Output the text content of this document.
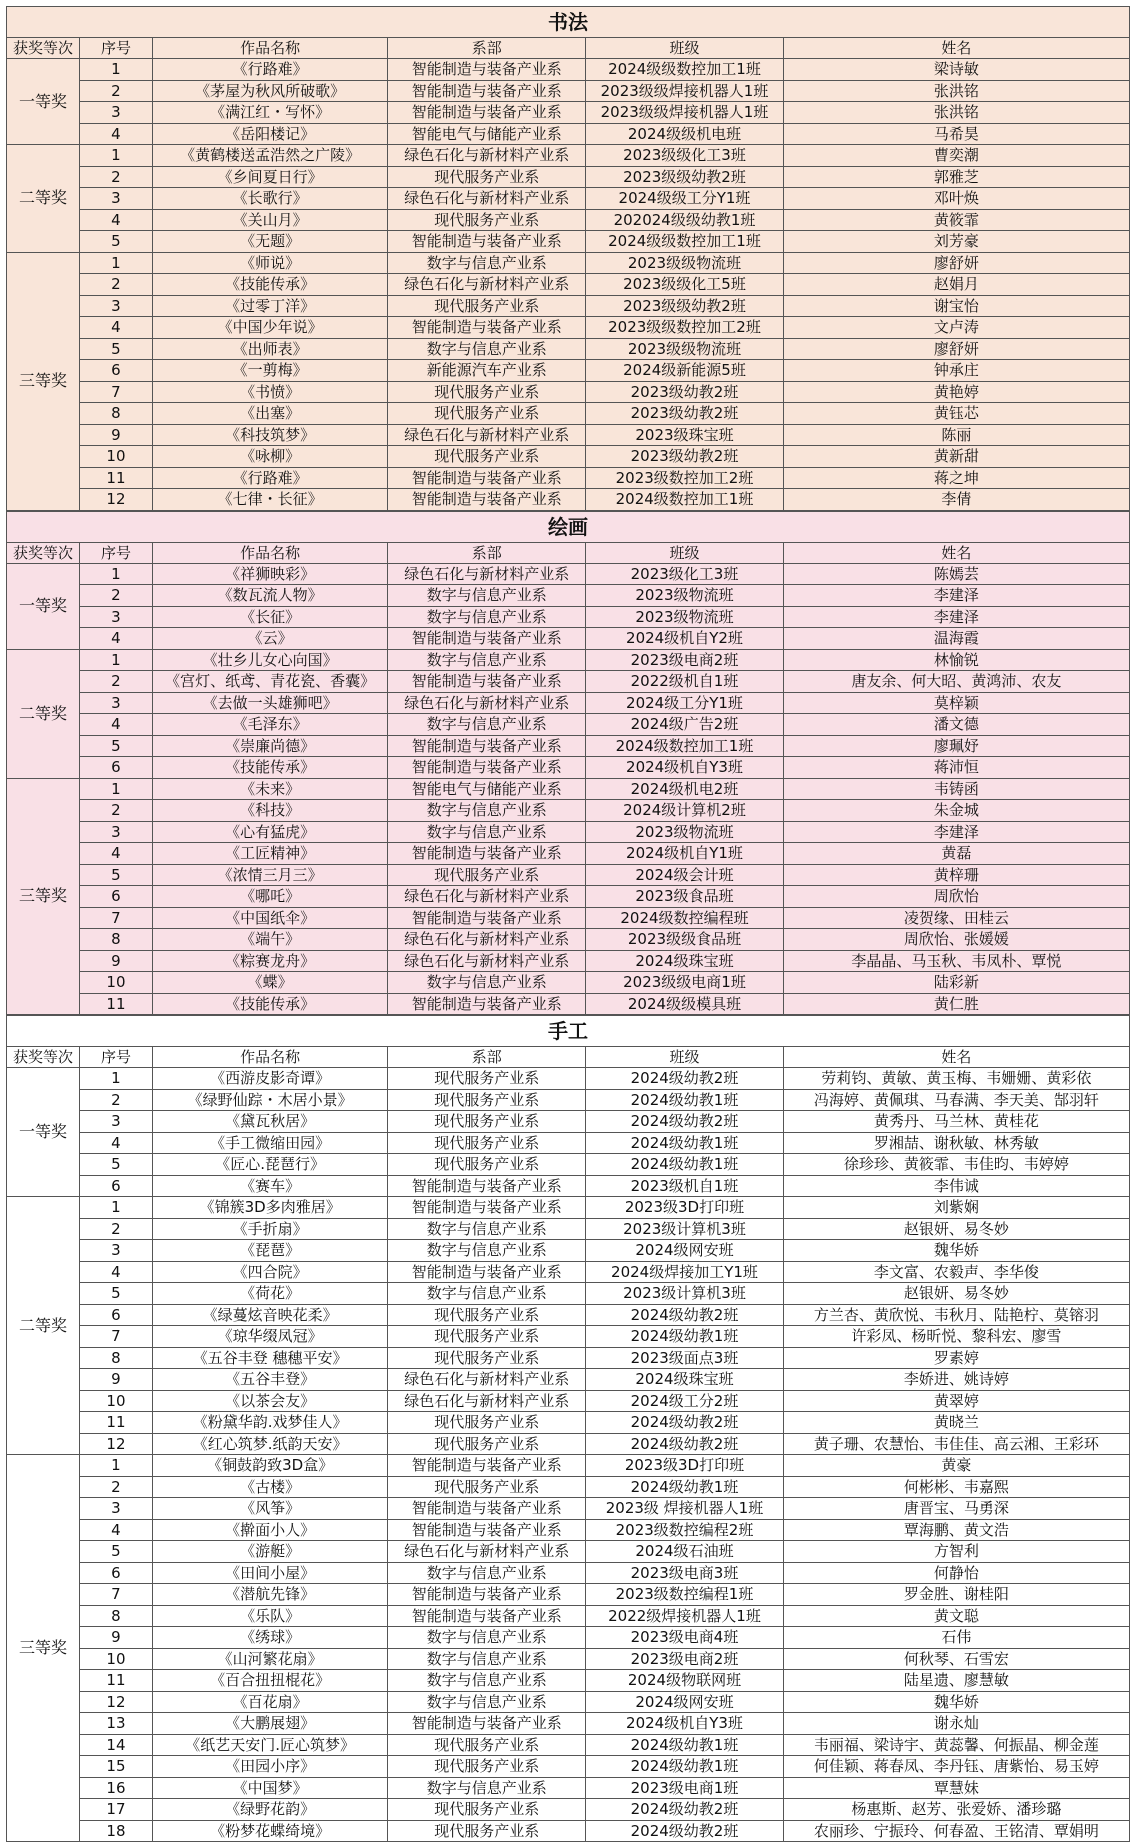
书法
获奖等次	序号	作品名称	系部	班级	姓名
一等奖	1	《行路难》	智能制造与装备产业系	2024级级数控加工1班	梁诗敏
	2	《茅屋为秋风所破歌》	智能制造与装备产业系	2023级级焊接机器人1班	张洪铭
	3	《满江红・写怀》	智能制造与装备产业系	2023级级焊接机器人1班	张洪铭
	4	《岳阳楼记》	智能电气与储能产业系	2024级级机电班	马希昊
二等奖	1	《黄鹤楼送孟浩然之广陵》	绿色石化与新材料产业系	2023级级化工3班	曹奕潮
	2	《乡间夏日行》	现代服务产业系	2023级级幼教2班	郭雅芝
	3	《长歌行》	绿色石化与新材料产业系	2024级级工分Y1班	邓叶焕
	4	《关山月》	现代服务产业系	202024级级幼教1班	黄筱霏
	5	《无题》	智能制造与装备产业系	2024级级数控加工1班	刘芳豪
三等奖	1	《师说》	数字与信息产业系	2023级级物流班	廖舒妍
	2	《技能传承》	绿色石化与新材料产业系	2023级级化工5班	赵娟月
	3	《过零丁洋》	现代服务产业系	2023级级幼教2班	谢宝怡
	4	《中国少年说》	智能制造与装备产业系	2023级级数控加工2班	文卢涛
	5	《出师表》	数字与信息产业系	2023级级物流班	廖舒妍
	6	《一剪梅》	新能源汽车产业系	2024级新能源5班	钟承庄
	7	《书愤》	现代服务产业系	2023级幼教2班	黄艳婷
	8	《出塞》	现代服务产业系	2023级幼教2班	黄钰芯
	9	《科技筑梦》	绿色石化与新材料产业系	2023级珠宝班	陈丽
	10	《咏柳》	现代服务产业系	2023级幼教2班	黄新甜
	11	《行路难》	智能制造与装备产业系	2023级数控加工2班	蒋之坤
	12	《七律・长征》	智能制造与装备产业系	2024级数控加工1班	李倩
绘画
获奖等次	序号	作品名称	系部	班级	姓名
一等奖	1	《祥狮映彩》	绿色石化与新材料产业系	2023级化工3班	陈嫣芸
	2	《数瓦流人物》	数字与信息产业系	2023级物流班	李建泽
	3	《长征》	数字与信息产业系	2023级物流班	李建泽
	4	《云》	智能制造与装备产业系	2024级机自Y2班	温海霞
二等奖	1	《壮乡儿女心向国》	数字与信息产业系	2023级电商2班	林愉锐
	2	《宫灯、纸鸢、青花瓷、香囊》	智能制造与装备产业系	2022级机自1班	唐友余、何大昭、黄鸿沛、农友
	3	《去做一头雄狮吧》	绿色石化与新材料产业系	2024级工分Y1班	莫梓颖
	4	《毛泽东》	数字与信息产业系	2024级广告2班	潘文德
	5	《崇廉尚德》	智能制造与装备产业系	2024级数控加工1班	廖珮妤
	6	《技能传承》	智能制造与装备产业系	2024级机自Y3班	蒋沛恒
三等奖	1	《未来》	智能电气与储能产业系	2024级机电2班	韦铸函
	2	《科技》	数字与信息产业系	2024级计算机2班	朱金城
	3	《心有猛虎》	数字与信息产业系	2023级物流班	李建泽
	4	《工匠精神》	智能制造与装备产业系	2024级机自Y1班	黄磊
	5	《浓情三月三》	现代服务产业系	2024级会计班	黄梓珊
	6	《哪吒》	绿色石化与新材料产业系	2023级食品班	周欣怡
	7	《中国纸伞》	智能制造与装备产业系	2024级数控编程班	凌贺缘、田桂云
	8	《端午》	绿色石化与新材料产业系	2023级级食品班	周欣怡、张媛媛
	9	《粽赛龙舟》	绿色石化与新材料产业系	2024级珠宝班	李晶晶、马玉秋、韦凤朴、覃悦
	10	《蝶》	数字与信息产业系	2023级级电商1班	陆彩新
	11	《技能传承》	智能制造与装备产业系	2024级级模具班	黄仁胜
手工
获奖等次	序号	作品名称	系部	班级	姓名
一等奖	1	《西游皮影奇谭》	现代服务产业系	2024级幼教2班	劳莉钧、黄敏、黄玉梅、韦姗姗、黄彩依
	2	《绿野仙踪・木居小景》	现代服务产业系	2024级幼教1班	冯海婷、黄佩琪、马春满、李天美、郜羽轩
	3	《黛瓦秋居》	现代服务产业系	2024级幼教2班	黄秀丹、马兰林、黄桂花
	4	《手工微缩田园》	现代服务产业系	2024级幼教1班	罗湘喆、谢秋敏、林秀敏
	5	《匠心.琵琶行》	现代服务产业系	2024级幼教1班	徐珍珍、黄筱霏、韦佳昀、韦婷婷
	6	《赛车》	智能制造与装备产业系	2023级机自1班	李伟诚
二等奖	1	《锦簇3D多肉雅居》	智能制造与装备产业系	2023级3D打印班	刘紫娴
	2	《手折扇》	数字与信息产业系	2023级计算机3班	赵银妍、易冬妙
	3	《琵琶》	数字与信息产业系	2024级网安班	魏华娇
	4	《四合院》	智能制造与装备产业系	2024级焊接加工Y1班	李文富、农毅声、李华俊
	5	《荷花》	数字与信息产业系	2023级计算机3班	赵银妍、易冬妙
	6	《绿蔓炫音映花柔》	现代服务产业系	2024级幼教2班	方兰杏、黄欣悦、韦秋月、陆艳柠、莫镕羽
	7	《琼华缀凤冠》	现代服务产业系	2024级幼教1班	许彩凤、杨昕悦、黎科宏、廖雪
	8	《五谷丰登 穗穗平安》	现代服务产业系	2023级面点3班	罗素婷
	9	《五谷丰登》	绿色石化与新材料产业系	2024级珠宝班	李娇进、姚诗婷
	10	《以茶会友》	绿色石化与新材料产业系	2024级工分2班	黄翠婷
	11	《粉黛华韵.戏梦佳人》	现代服务产业系	2024级幼教2班	黄晓兰
	12	《红心筑梦.纸韵天安》	现代服务产业系	2024级幼教2班	黄子珊、农慧怡、韦佳佳、高云湘、王彩环
三等奖	1	《铜鼓韵致3D盒》	智能制造与装备产业系	2023级3D打印班	黄豪
	2	《古楼》	现代服务产业系	2024级幼教1班	何彬彬、韦嘉熙
	3	《风筝》	智能制造与装备产业系	2023级 焊接机器人1班	唐晋宝、马勇深
	4	《擀面小人》	智能制造与装备产业系	2023级数控编程2班	覃海鹏、黄文浩
	5	《游艇》	绿色石化与新材料产业系	2024级石油班	方智利
	6	《田间小屋》	数字与信息产业系	2023级电商3班	何静怡
	7	《潜航先锋》	智能制造与装备产业系	2023级数控编程1班	罗金胜、谢桂阳
	8	《乐队》	智能制造与装备产业系	2022级焊接机器人1班	黄文聪
	9	《绣球》	数字与信息产业系	2023级电商4班	石伟
	10	《山河繁花扇》	数字与信息产业系	2023级电商2班	何秋琴、石雪宏
	11	《百合扭扭棍花》	数字与信息产业系	2024级物联网班	陆星遗、廖慧敏
	12	《百花扇》	数字与信息产业系	2024级网安班	魏华娇
	13	《大鹏展翅》	智能制造与装备产业系	2024级机自Y3班	谢永灿
	14	《纸艺天安门.匠心筑梦》	现代服务产业系	2024级幼教1班	韦丽福、梁诗宇、黄蕊馨、何振晶、柳金莲
	15	《田园小序》	现代服务产业系	2024级幼教1班	何佳颖、蒋春凤、李丹钰、唐紫怡、易玉婷
	16	《中国梦》	数字与信息产业系	2023级电商1班	覃慧妹
	17	《绿野花韵》	现代服务产业系	2024级幼教2班	杨惠斯、赵芳、张爱娇、潘珍璐
	18	《粉梦花蝶绮境》	现代服务产业系	2024级幼教2班	农丽珍、宁振玲、何春盈、王铭清、覃娟明
